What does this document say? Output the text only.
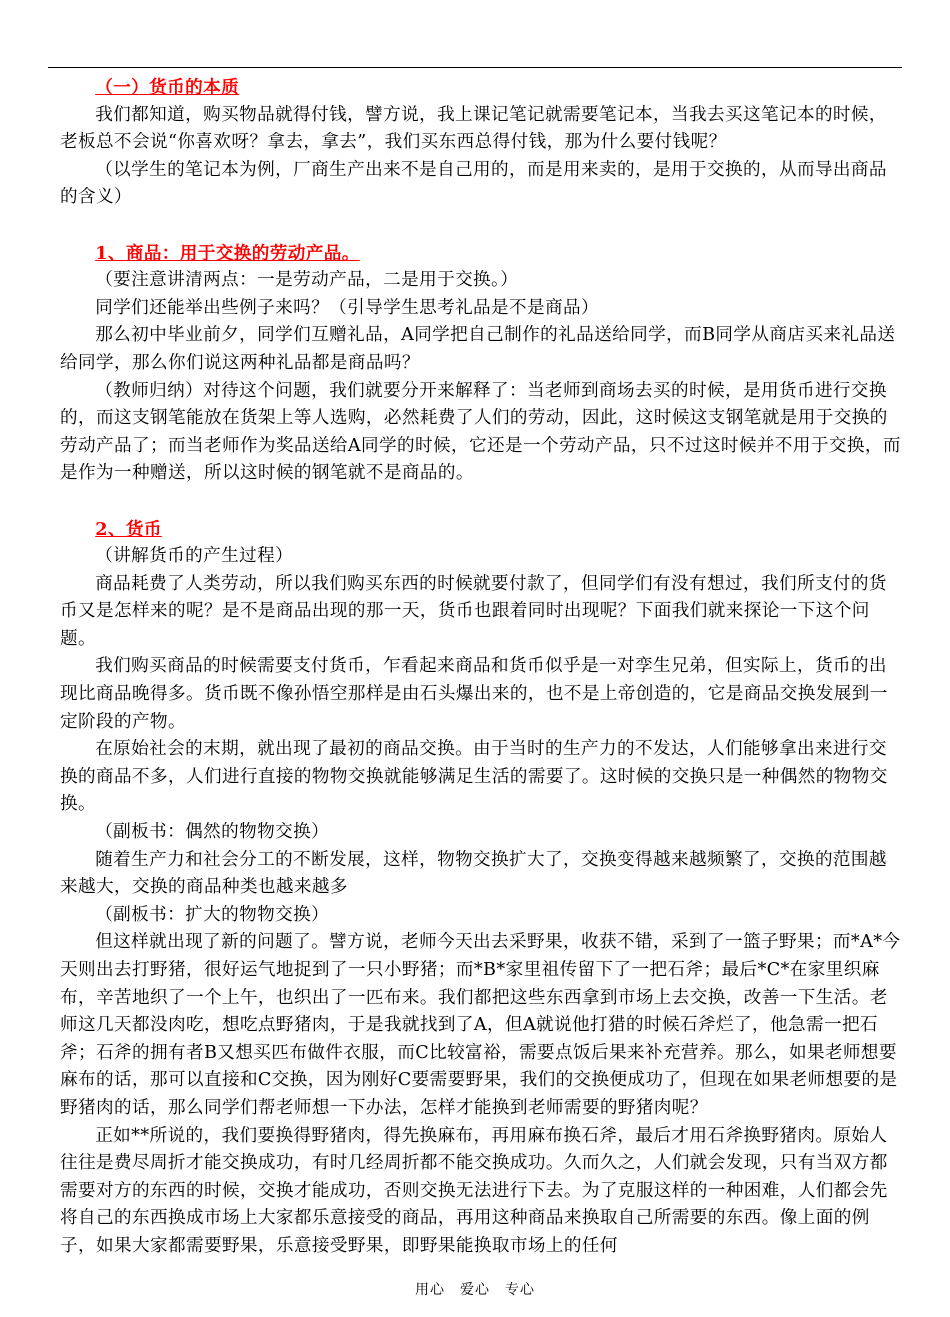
（一）货币的本质

我们都知道，购买物品就得付钱，譬方说，我上课记笔记就需要笔记本，当我去买这笔记本的时候，老板总不会说“你喜欢呀？拿去，拿去”，我们买东西总得付钱，那为什么要付钱呢？

（以学生的笔记本为例，厂商生产出来不是自己用的，而是用来卖的，是用于交换的，从而导出商品的含义）

1、商品：用于交换的劳动产品。

（要注意讲清两点：一是劳动产品，二是用于交换。）

同学们还能举出些例子来吗？（引导学生思考礼品是不是商品）

那么初中毕业前夕，同学们互赠礼品，A同学把自己制作的礼品送给同学，而B同学从商店买来礼品送给同学，那么你们说这两种礼品都是商品吗？

（教师归纳）对待这个问题，我们就要分开来解释了：当老师到商场去买的时候，是用货币进行交换的，而这支钢笔能放在货架上等人选购，必然耗费了人们的劳动，因此，这时候这支钢笔就是用于交换的劳动产品了；而当老师作为奖品送给A同学的时候，它还是一个劳动产品，只不过这时候并不用于交换，而是作为一种赠送，所以这时候的钢笔就不是商品的。

2、货币

（讲解货币的产生过程）

商品耗费了人类劳动，所以我们购买东西的时候就要付款了，但同学们有没有想过，我们所支付的货币又是怎样来的呢？是不是商品出现的那一天，货币也跟着同时出现呢？下面我们就来探论一下这个问题。

我们购买商品的时候需要支付货币，乍看起来商品和货币似乎是一对孪生兄弟，但实际上，货币的出现比商品晚得多。货币既不像孙悟空那样是由石头爆出来的，也不是上帝创造的，它是商品交换发展到一定阶段的产物。

在原始社会的末期，就出现了最初的商品交换。由于当时的生产力的不发达，人们能够拿出来进行交换的商品不多，人们进行直接的物物交换就能够满足生活的需要了。这时候的交换只是一种偶然的物物交换。

（副板书：偶然的物物交换）

随着生产力和社会分工的不断发展，这样，物物交换扩大了，交换变得越来越频繁了，交换的范围越来越大，交换的商品种类也越来越多

（副板书：扩大的物物交换）

但这样就出现了新的问题了。譬方说，老师今天出去采野果，收获不错，采到了一篮子野果；而*A*今天则出去打野猪，很好运气地捉到了一只小野猪；而*B*家里祖传留下了一把石斧；最后*C*在家里织麻布，辛苦地织了一个上午，也织出了一匹布来。我们都把这些东西拿到市场上去交换，改善一下生活。老师这几天都没肉吃，想吃点野猪肉，于是我就找到了A，但A就说他打猎的时候石斧烂了，他急需一把石斧；石斧的拥有者B又想买匹布做件衣服，而C比较富裕，需要点饭后果来补充营养。那么，如果老师想要麻布的话，那可以直接和C交换，因为刚好C要需要野果，我们的交换便成功了，但现在如果老师想要的是野猪肉的话，那么同学们帮老师想一下办法，怎样才能换到老师需要的野猪肉呢？

正如**所说的，我们要换得野猪肉，得先换麻布，再用麻布换石斧，最后才用石斧换野猪肉。原始人往往是费尽周折才能交换成功，有时几经周折都不能交换成功。久而久之，人们就会发现，只有当双方都需要对方的东西的时候，交换才能成功，否则交换无法进行下去。为了克服这样的一种困难，人们都会先将自己的东西换成市场上大家都乐意接受的商品，再用这种商品来换取自己所需要的东西。像上面的例子，如果大家都需要野果，乐意接受野果，即野果能换取市场上的任何

用心　爱心　专心
